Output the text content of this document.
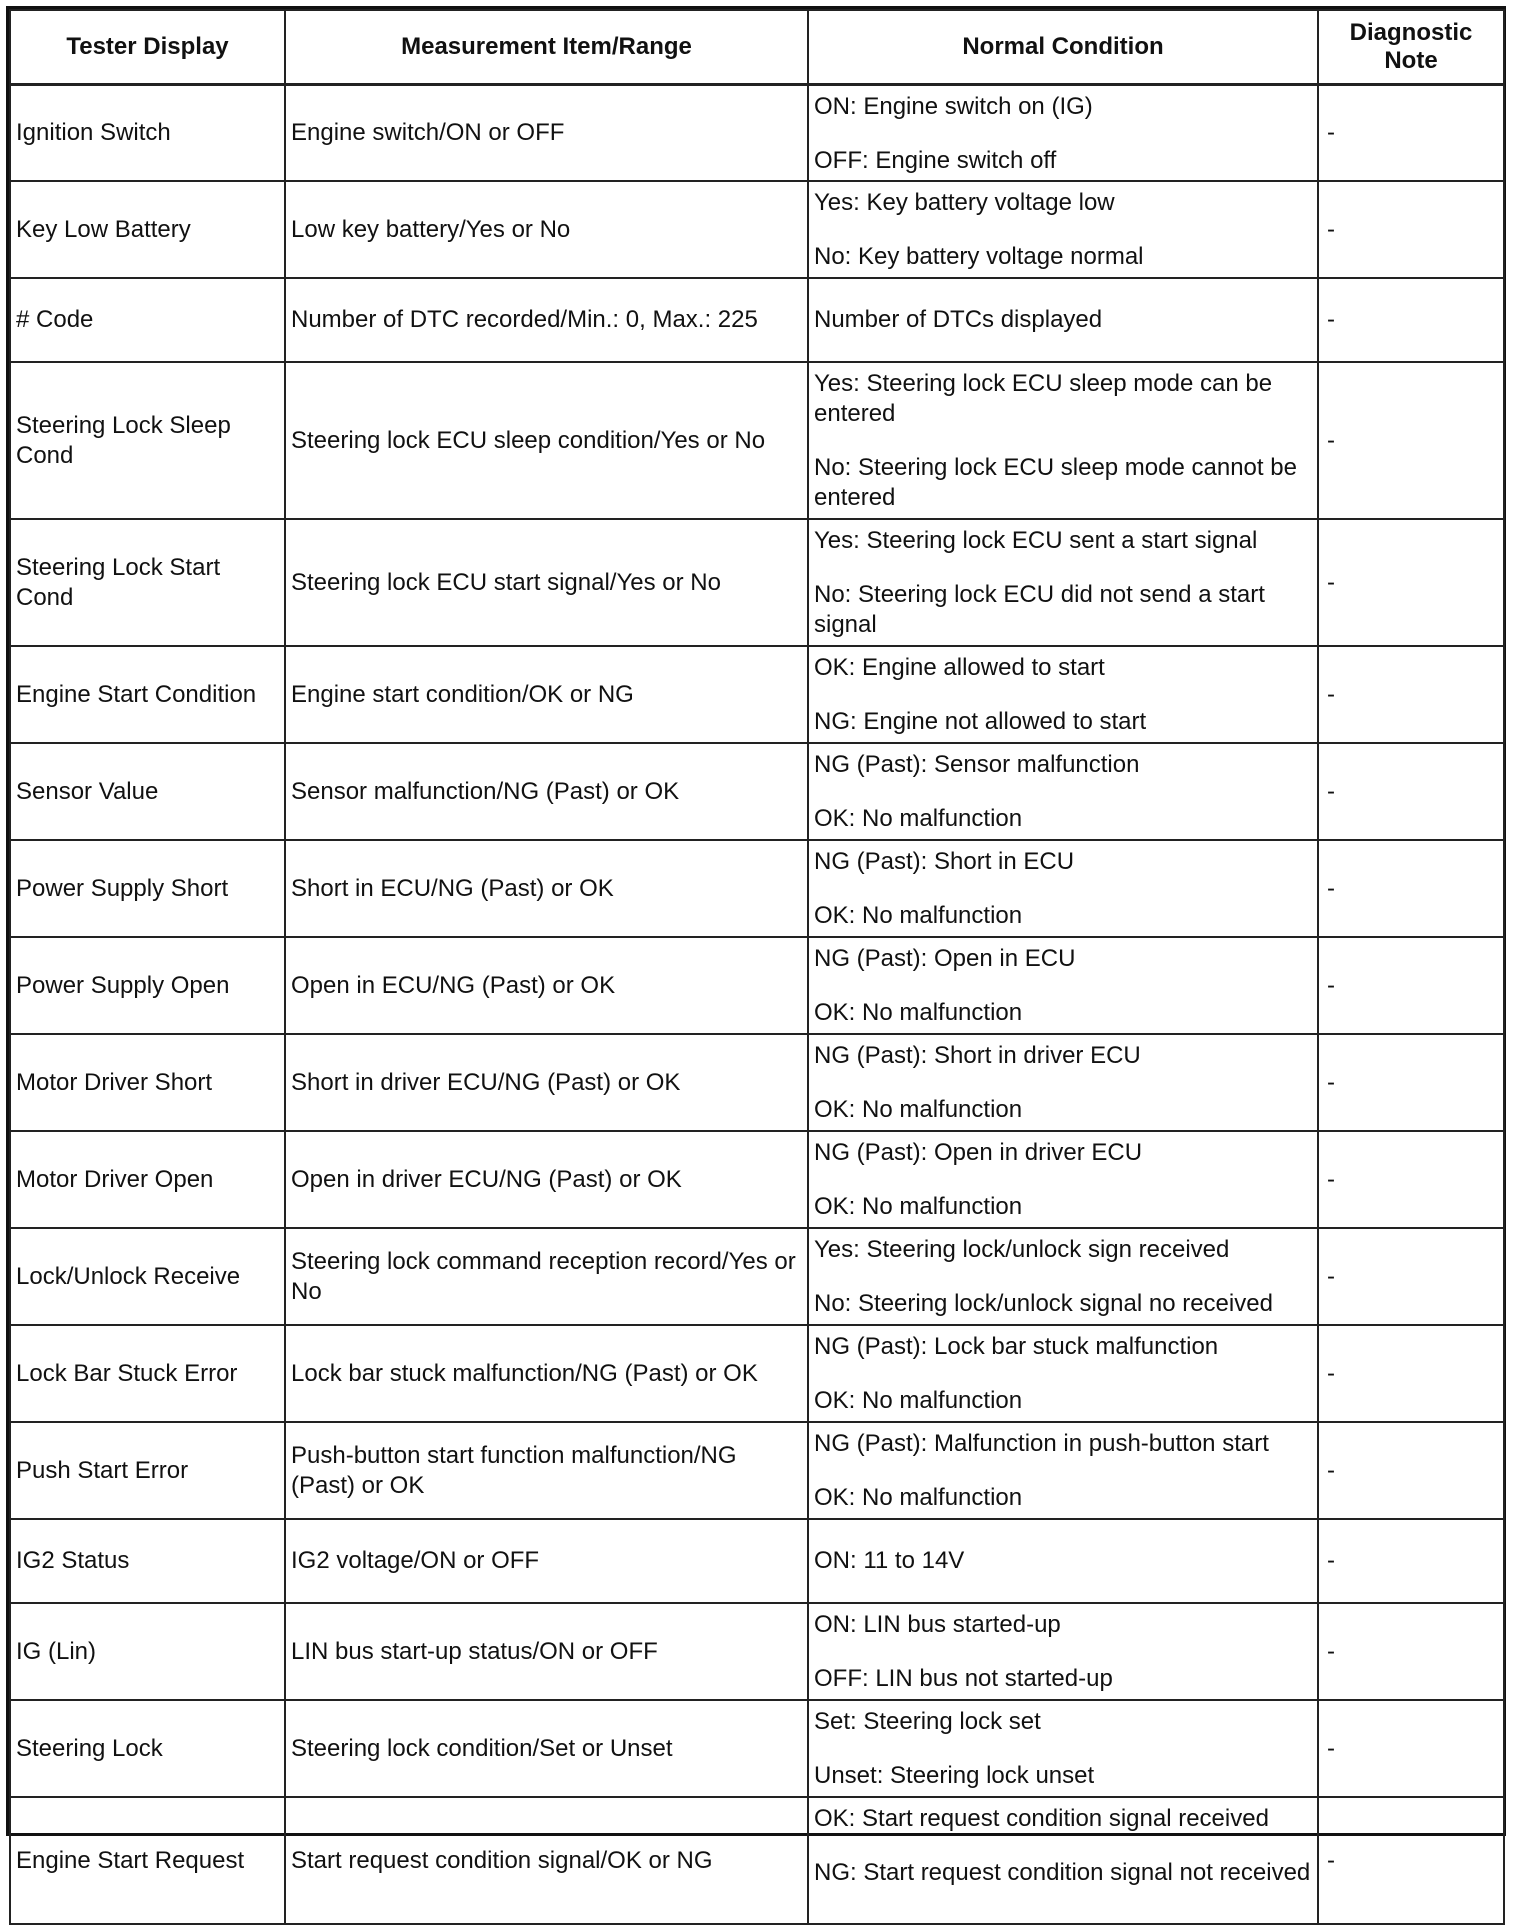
Tester Display	Measurement Item/Range	Normal Condition	Diagnostic Note
Ignition Switch	Engine switch/ON or OFF	ON: Engine switch on (IG)

OFF: Engine switch off	-
Key Low Battery	Low key battery/Yes or No	Yes: Key battery voltage low

No: Key battery voltage normal	-
# Code	Number of DTC recorded/Min.: 0, Max.: 225	Number of DTCs displayed	-
Steering Lock Sleep Cond	Steering lock ECU sleep condition/Yes or No	Yes: Steering lock ECU sleep mode can be entered

No: Steering lock ECU sleep mode cannot be entered	-
Steering Lock Start Cond	Steering lock ECU start signal/Yes or No	Yes: Steering lock ECU sent a start signal

No: Steering lock ECU did not send a start signal	-
Engine Start Condition	Engine start condition/OK or NG	OK: Engine allowed to start

NG: Engine not allowed to start	-
Sensor Value	Sensor malfunction/NG (Past) or OK	NG (Past): Sensor malfunction

OK: No malfunction	-
Power Supply Short	Short in ECU/NG (Past) or OK	NG (Past): Short in ECU

OK: No malfunction	-
Power Supply Open	Open in ECU/NG (Past) or OK	NG (Past): Open in ECU

OK: No malfunction	-
Motor Driver Short	Short in driver ECU/NG (Past) or OK	NG (Past): Short in driver ECU

OK: No malfunction	-
Motor Driver Open	Open in driver ECU/NG (Past) or OK	NG (Past): Open in driver ECU

OK: No malfunction	-
Lock/Unlock Receive	Steering lock command reception record/Yes or No	Yes: Steering lock/unlock sign received

No: Steering lock/unlock signal no received	-
Lock Bar Stuck Error	Lock bar stuck malfunction/NG (Past) or OK	NG (Past): Lock bar stuck malfunction

OK: No malfunction	-
Push Start Error	Push-button start function malfunction/NG (Past) or OK	NG (Past): Malfunction in push-button start

OK: No malfunction	-
IG2 Status	IG2 voltage/ON or OFF	ON: 11 to 14V	-
IG (Lin)	LIN bus start-up status/ON or OFF	ON: LIN bus started-up

OFF: LIN bus not started-up	-
Steering Lock	Steering lock condition/Set or Unset	Set: Steering lock set

Unset: Steering lock unset	-
Engine Start Request	Start request condition signal/OK or NG	OK: Start request condition signal received

NG: Start request condition signal not received	-
